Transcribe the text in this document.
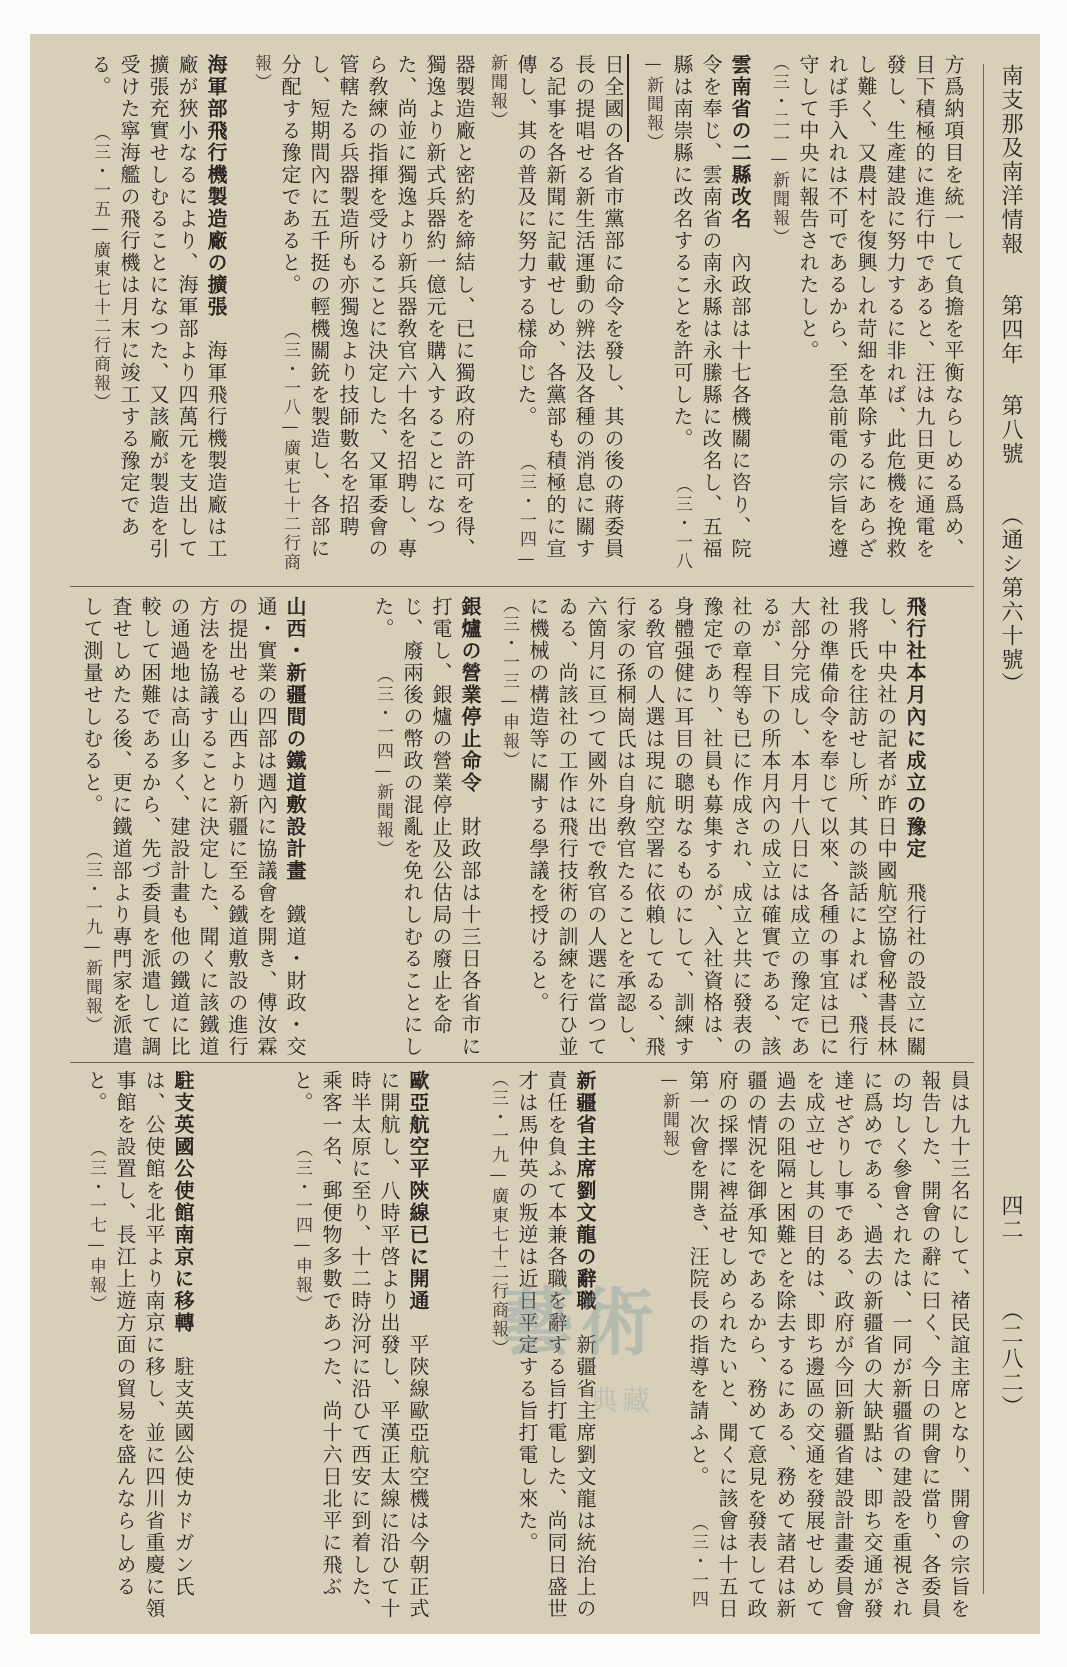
南支那及南洋情報
第四年
第八號
（通シ第六十號）
四二
（二八二）
方爲納項目を統一して負擔を平衡ならしめる爲め、目下積極的に進行中であると、汪は九日更に通電を發し、生產建設に努力するに非れば、此危機を挽救し難く、又農村を復興しれ苛細を革除するにあらざれば手入れは不可であるから、至急前電の宗旨を遵守して中央に報告されたしと。 （三・二一—新聞報）
雲南省の二縣改名　內政部は十七各機關に咨り、院令を奉じ、雲南省の南永縣は永縢縣に改名し、五福縣は南崇縣に改名することを許可した。 （三・一八—新聞報）
　 日全國の各省市黨部に命令を發し、其の後の蔣委員長の提唱せる新生活運動の辨法及各種の消息に關する記事を各新聞に記載せしめ、各黨部も積極的に宣傳し、其の普及に努力する樣命じた。 （三・一四—新聞報）
　 器製造廠と密約を締結し、已に獨政府の許可を得、獨逸より新式兵器約一億元を購入することになつた、尚並に獨逸より新兵器敎官六十名を招聘し、專ら敎練の指揮を受けることに決定した、又軍委會の管轄たる兵器製造所も亦獨逸より技師數名を招聘し、短期間內に五千挺の輕機關銃を製造し、各部に分配する豫定であると。 （三・一八—廣東七十二行商報）
海軍部飛行機製造廠の擴張　海軍飛行機製造廠は工廠が狹小なるにより、海軍部より四萬元を支出して擴張充實せしむることになつた、又該廠が製造を引受けた寧海艦の飛行機は月末に竣工する豫定である。 （三・一五—廣東七十二行商報）
飛行社本月內に成立の豫定　飛行社の設立に關し、中央社の記者が昨日中國航空協會秘書長林我將氏を往訪せし所、其の談話によれば、飛行社の準備命令を奉じて以來、各種の事宜は已に大部分完成し、本月十八日には成立の豫定であるが、目下の所本月內の成立は確實である、該社の章程等も已に作成され、成立と共に發表の豫定であり、社員も募集するが、入社資格は、身體强健に耳目の聰明なるものにして、訓練する敎官の人選は現に航空署に依賴してゐる、飛行家の孫桐崗氏は自身敎官たることを承認し、六箇月に亘つて國外に出で敎官の人選に當つてゐる、尚該社の工作は飛行技術の訓練を行ひ並に機械の構造等に關する學議を授けると。 （三・一三—申報）
銀爐の營業停止命令　財政部は十三日各省市に打電し、銀爐の營業停止及公估局の廢止を命じ、廢兩後の幣政の混亂を免れしむることにした。 （三・一四—新聞報）
山西・新疆間の鐵道敷設計畫　鐵道・財政・交通・實業の四部は週內に協議會を開き、傅汝霖の提出せる山西より新疆に至る鐵道敷設の進行方法を協議することに決定した、聞くに該鐵道の通過地は高山多く、建設計畫も他の鐵道に比較して困難であるから、先づ委員を派遣して調査せしめたる後、更に鐵道部より專門家を派遣して測量せしむると。 （三・一九—新聞報）
　 員は九十三名にして、褚民誼主席となり、開會の宗旨を報告した、開會の辭に曰く、今日の開會に當り、各委員の均しく參會されたは、一同が新疆省の建設を重視されに爲めである、過去の新疆省の大缺點は、即ち交通が發達せざりし事である、政府が今回新疆省建設計畫委員會を成立せし其の目的は、即ち邊區の交通を發展せしめて過去の阻隔と困難とを除去するにある、務めて諸君は新疆の情況を御承知であるから、務めて意見を發表して政府の採擇に裨益せしめられたいと、聞くに該會は十五日第一次會を開き、汪院長の指導を請ふと。 （三・一四—新聞報）
新疆省主席劉文龍の辭職　新疆省主席劉文龍は統治上の責任を負ふて本兼各職を辭する旨打電した、尚同日盛世才は馬仲英の叛逆は近日平定する旨打電し來た。 （三・一九—廣東七十二行商報）
歐亞航空平陝線已に開通　平陝線歐亞航空機は今朝正式に開航し、八時平啓より出發し、平漢正太線に沿ひて十時半太原に至り、十二時汾河に沿ひて西安に到着した、乘客一名、郵便物多數であつた、尚十六日北平に飛ぶと。 （三・一四—申報）
駐支英國公使館南京に移轉　駐支英國公使カドガン氏は、公使館を北平より南京に移し、並に四川省重慶に領事館を設置し、長江上遊方面の貿易を盛んならしめると。 （三・一七—申報）
藝術
典藏
